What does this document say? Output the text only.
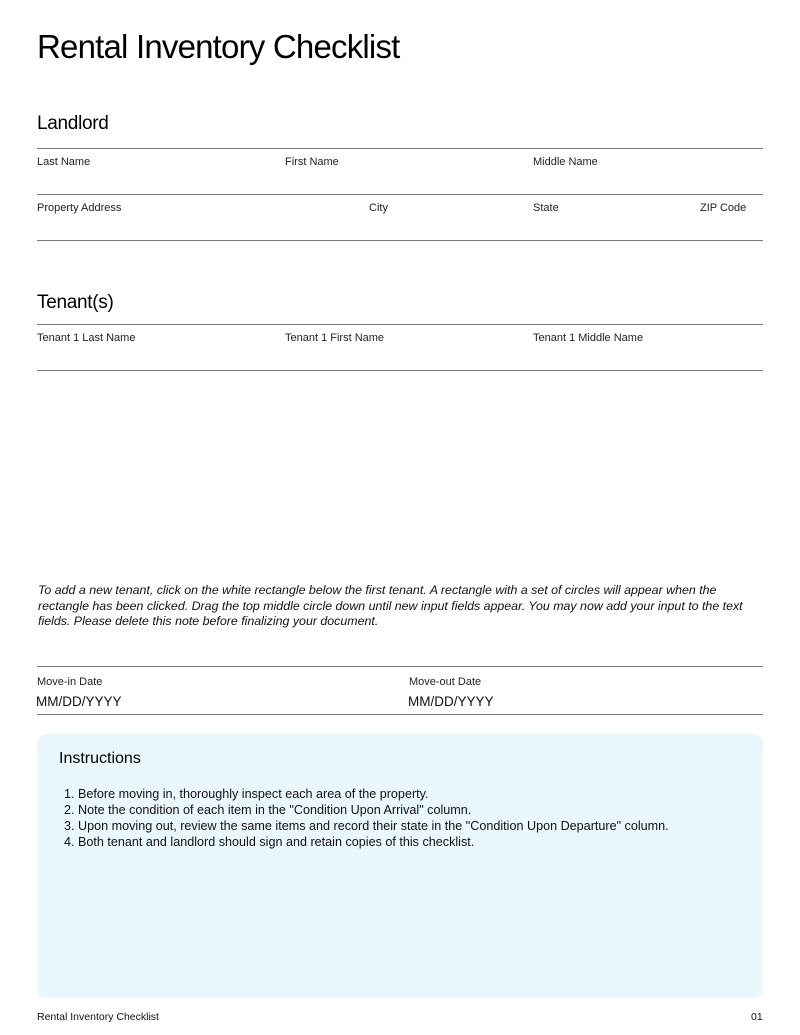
Rental Inventory Checklist
Landlord
Last Name	First Name	Middle Name
Property Address	City	State	ZIP Code
Tenant(s)
Tenant 1 Last Name	Tenant 1 First Name	Tenant 1 Middle Name
To add a new tenant, click on the white rectangle below the first tenant. A rectangle with a set of circles will appear when the rectangle has been clicked. Drag the top middle circle down until new input fields appear. You may now add your input to the text fields. Please delete this note before finalizing your document.
Move-in Date
MM/DD/YYYY
Move-out Date
MM/DD/YYYY
Instructions
1. Before moving in, thoroughly inspect each area of the property.
2. Note the condition of each item in the "Condition Upon Arrival" column.
3. Upon moving out, review the same items and record their state in the "Condition Upon Departure" column.
4. Both tenant and landlord should sign and retain copies of this checklist.
Rental Inventory Checklist	01
